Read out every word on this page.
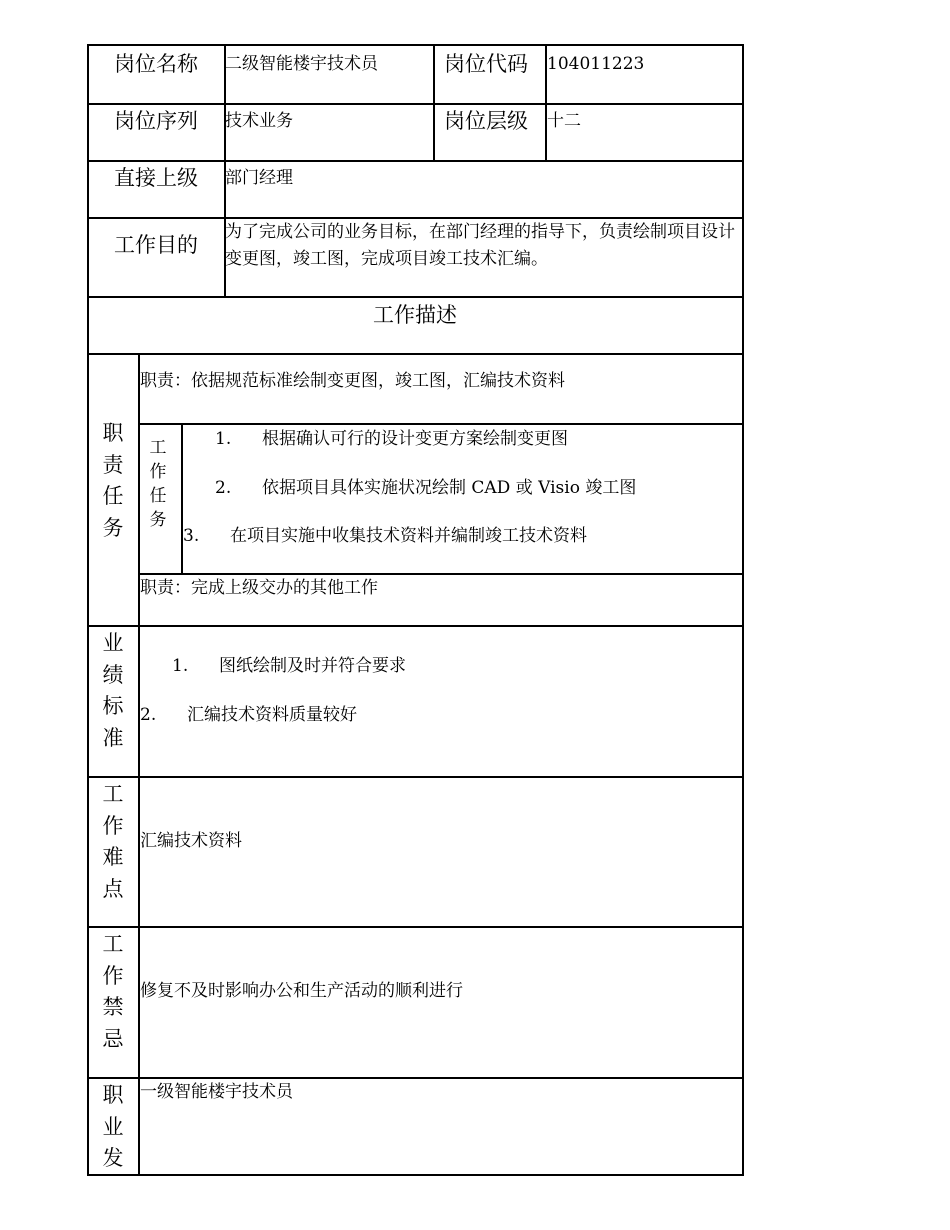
岗位名称 二级智能楼宇技术员	岗位代码 104011223
岗位序列 技术业务	岗位层级 十二
直接上级 部门经理
工作目的
为了完成公司的业务目标，在部门经理的指导下，负责绘制项目设计变更图，竣工图，完成项目竣工技术汇编。
工作描述
职责任务
职责：依据规范标准绘制变更图，竣工图，汇编技术资料
工作任务
1. 根据确认可行的设计变更方案绘制变更图
2. 依据项目具体实施状况绘制 CAD 或 Visio 竣工图
3. 在项目实施中收集技术资料并编制竣工技术资料
职责：完成上级交办的其他工作
业绩标准
1. 图纸绘制及时并符合要求
2. 汇编技术资料质量较好
工作难点
汇编技术资料
工作禁忌
修复不及时影响办公和生产活动的顺利进行
职业发
一级智能楼宇技术员
